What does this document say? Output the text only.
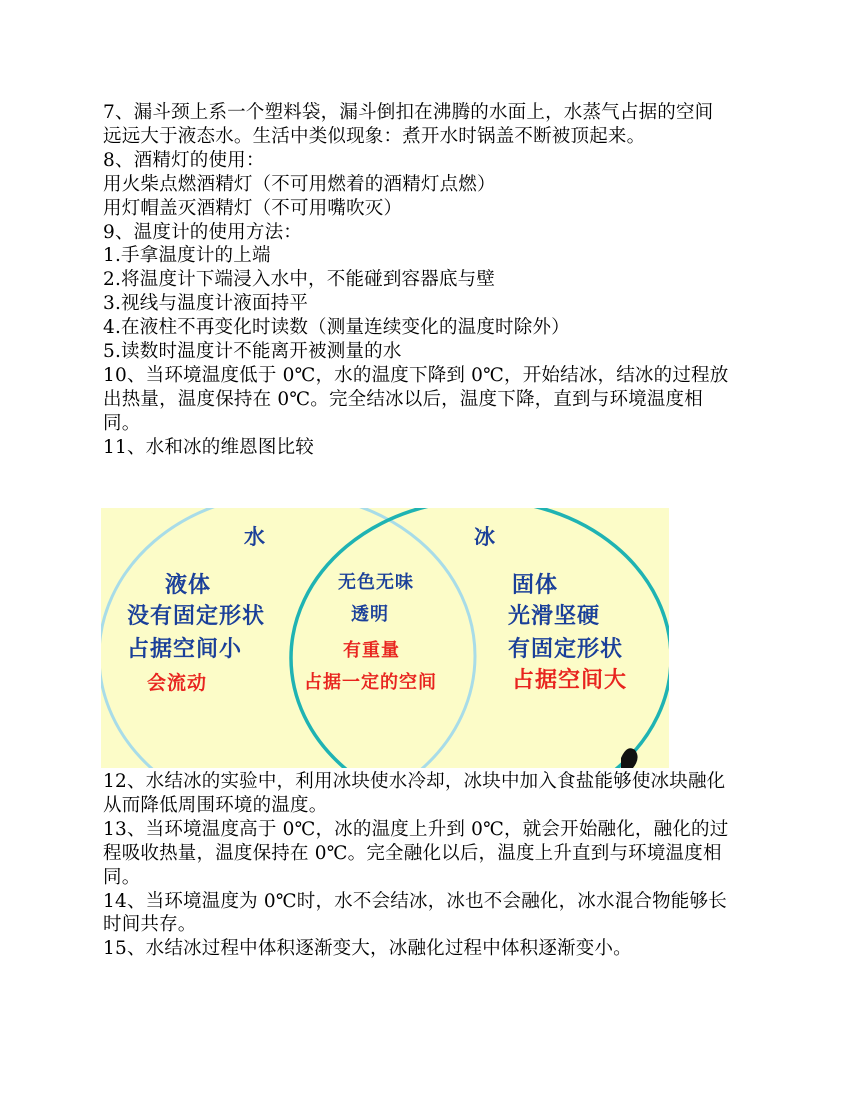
7、漏斗颈上系一个塑料袋，漏斗倒扣在沸腾的水面上，水蒸气占据的空间
远远大于液态水。生活中类似现象：煮开水时锅盖不断被顶起来。
8、酒精灯的使用：
用火柴点燃酒精灯（不可用燃着的酒精灯点燃）
用灯帽盖灭酒精灯（不可用嘴吹灭）
9、温度计的使用方法：
1.手拿温度计的上端
2.将温度计下端浸入水中，不能碰到容器底与壁
3.视线与温度计液面持平
4.在液柱不再变化时读数（测量连续变化的温度时除外）
5.读数时温度计不能离开被测量的水
10、当环境温度低于 0℃，水的温度下降到 0℃，开始结冰，结冰的过程放
出热量，温度保持在 0℃。完全结冰以后，温度下降，直到与环境温度相
同。
11、水和冰的维恩图比较
水	冰
液体
没有固定形状
占据空间小
会流动
无色无味
透明
有重量
占据一定的空间
固体
光滑坚硬
有固定形状
占据空间大
12、水结冰的实验中，利用冰块使水冷却，冰块中加入食盐能够使冰块融化
从而降低周围环境的温度。
13、当环境温度高于 0℃，冰的温度上升到 0℃，就会开始融化，融化的过
程吸收热量，温度保持在 0℃。完全融化以后，温度上升直到与环境温度相
同。
14、当环境温度为 0℃时，水不会结冰，冰也不会融化，冰水混合物能够长
时间共存。
15、水结冰过程中体积逐渐变大，冰融化过程中体积逐渐变小。
